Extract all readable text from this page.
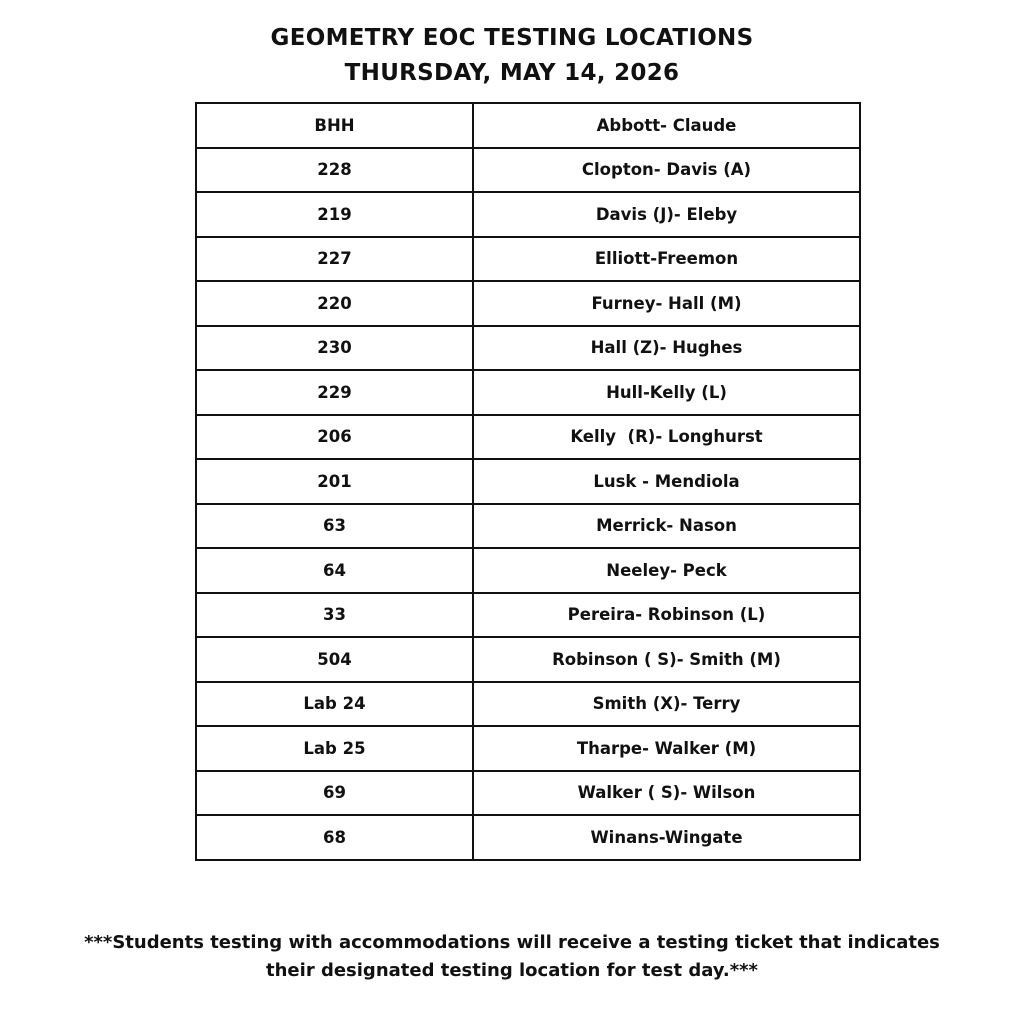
GEOMETRY EOC TESTING LOCATIONS
THURSDAY, MAY 14, 2026
BHH	Abbott- Claude
228	Clopton- Davis (A)
219	Davis (J)- Eleby
227	Elliott-Freemon
220	Furney- Hall (M)
230	Hall (Z)- Hughes
229	Hull-Kelly (L)
206	Kelly  (R)- Longhurst
201	Lusk - Mendiola
63	Merrick- Nason
64	Neeley- Peck
33	Pereira- Robinson (L)
504	Robinson ( S)- Smith (M)
Lab 24	Smith (X)- Terry
Lab 25	Tharpe- Walker (M)
69	Walker ( S)- Wilson
68	Winans-Wingate
***Students testing with accommodations will receive a testing ticket that indicates
their designated testing location for test day.***
